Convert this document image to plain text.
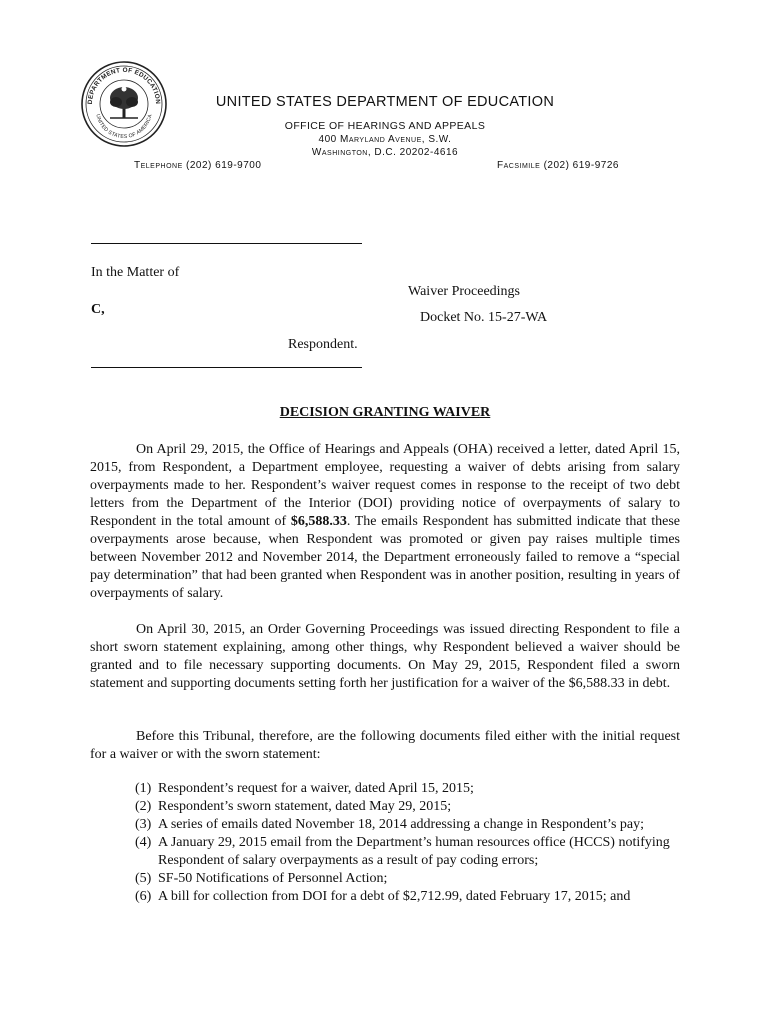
DEPARTMENT OF EDUCATION
UNITED STATES OF AMERICA
UNITED STATES DEPARTMENT OF EDUCATION
OFFICE OF HEARINGS AND APPEALS
400 Maryland Avenue, S.W.
Washington, D.C. 20202-4616
Telephone (202) 619-9700	Facsimile (202) 619-9726
In the Matter of
C,
Respondent.
Waiver Proceedings
Docket No. 15-27-WA
DECISION GRANTING WAIVER

On April 29, 2015, the Office of Hearings and Appeals (OHA) received a letter, dated April 15, 2015, from Respondent, a Department employee, requesting a waiver of debts arising from salary overpayments made to her. Respondent’s waiver request comes in response to the receipt of two debt letters from the Department of the Interior (DOI) providing notice of overpayments of salary to Respondent in the total amount of $6,588.33. The emails Respondent has submitted indicate that these overpayments arose because, when Respondent was promoted or given pay raises multiple times between November 2012 and November 2014, the Department erroneously failed to remove a “special pay determination” that had been granted when Respondent was in another position, resulting in years of overpayments of salary.

On April 30, 2015, an Order Governing Proceedings was issued directing Respondent to file a short sworn statement explaining, among other things, why Respondent believed a waiver should be granted and to file necessary supporting documents. On May 29, 2015, Respondent filed a sworn statement and supporting documents setting forth her justification for a waiver of the $6,588.33 in debt.

Before this Tribunal, therefore, are the following documents filed either with the initial request for a waiver or with the sworn statement:

(1) Respondent’s request for a waiver, dated April 15, 2015;
(2) Respondent’s sworn statement, dated May 29, 2015;
(3) A series of emails dated November 18, 2014 addressing a change in Respondent’s pay;
(4) A January 29, 2015 email from the Department’s human resources office (HCCS) notifying Respondent of salary overpayments as a result of pay coding errors;
(5) SF-50 Notifications of Personnel Action;
(6) A bill for collection from DOI for a debt of $2,712.99, dated February 17, 2015; and
